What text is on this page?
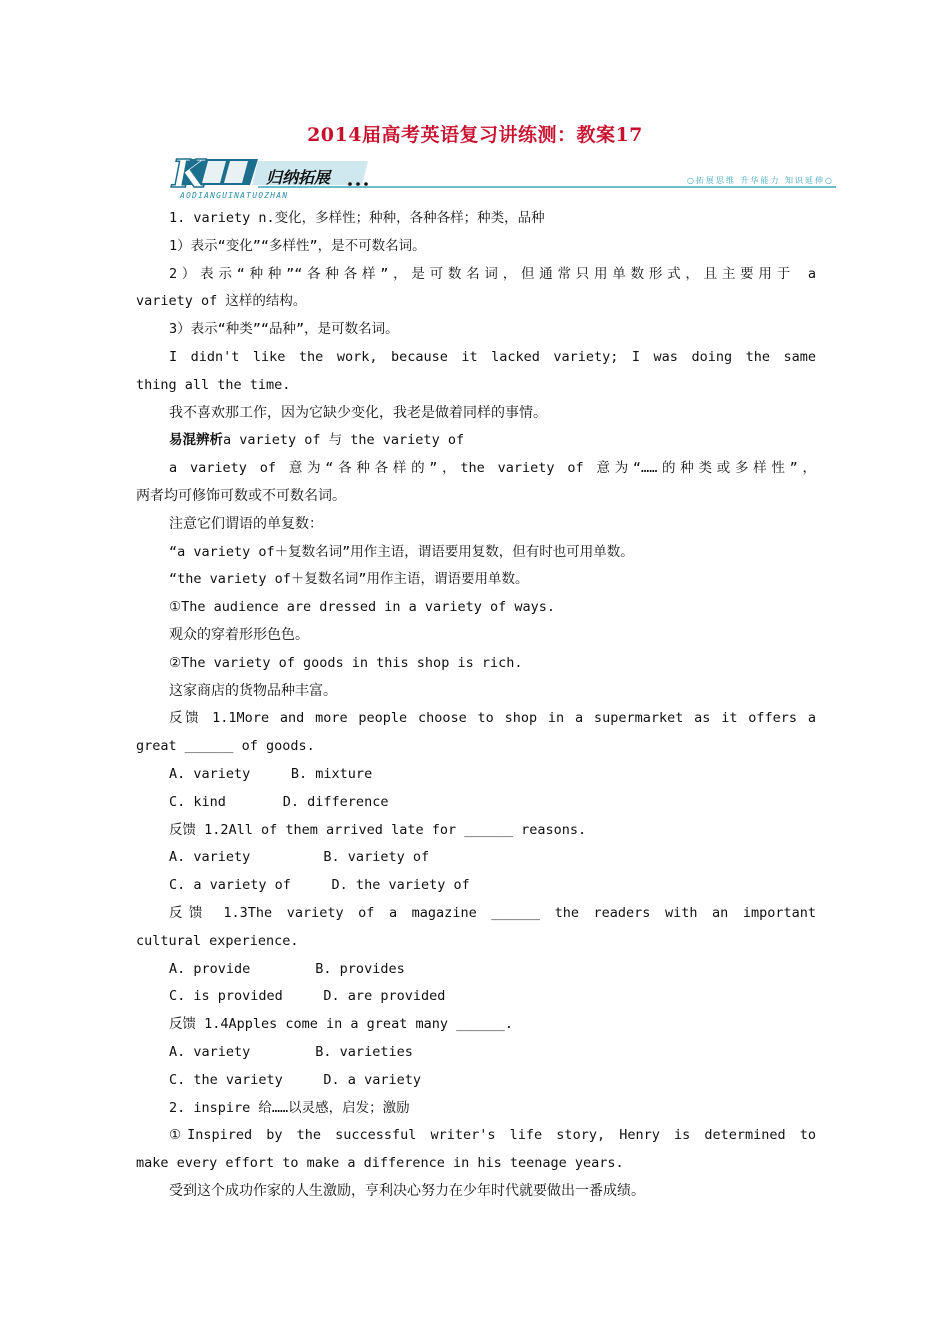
2014届高考英语复习讲练测：教案17
K	归纳拓展
AODIANGUINATUOZHAN
○拓展思维 升华能力 知识延伸○
1. variety n.变化，多样性；种种，各种各样；种类，品种
1）表示“变化”“多样性”，是不可数名词。
2）表示“种种”“各种各样”，是可数名词，但通常只用单数形式，且主要用于 a
variety of 这样的结构。
3）表示“种类”“品种”，是可数名词。
I didn't like the work, because it lacked variety; I was doing the same
thing all the time.
我不喜欢那工作，因为它缺少变化，我老是做着同样的事情。
易混辨析a variety of 与 the variety of
a variety of 意为“各种各样的”，the variety of 意为“……的种类或多样性”，
两者均可修饰可数或不可数名词。
注意它们谓语的单复数：
“a variety of＋复数名词”用作主语，谓语要用复数，但有时也可用单数。
“the variety of＋复数名词”用作主语，谓语要用单数。
①The audience are dressed in a variety of ways.
观众的穿着形形色色。
②The variety of goods in this shop is rich.
这家商店的货物品种丰富。
反馈 1.1More and more people choose to shop in a supermarket as it offers a
great ______ of goods.
A. variety     B. mixture
C. kind       D. difference
反馈 1.2All of them arrived late for ______ reasons.
A. variety         B. variety of
C. a variety of     D. the variety of
反馈 1.3The variety of a magazine ______ the readers with an important
cultural experience.
A. provide        B. provides
C. is provided     D. are provided
反馈 1.4Apples come in a great many ______.
A. variety        B. varieties
C. the variety     D. a variety
2. inspire 给……以灵感，启发；激励
①Inspired by the successful writer's life story, Henry is determined to
make every effort to make a difference in his teenage years.
受到这个成功作家的人生激励，亨利决心努力在少年时代就要做出一番成绩。
